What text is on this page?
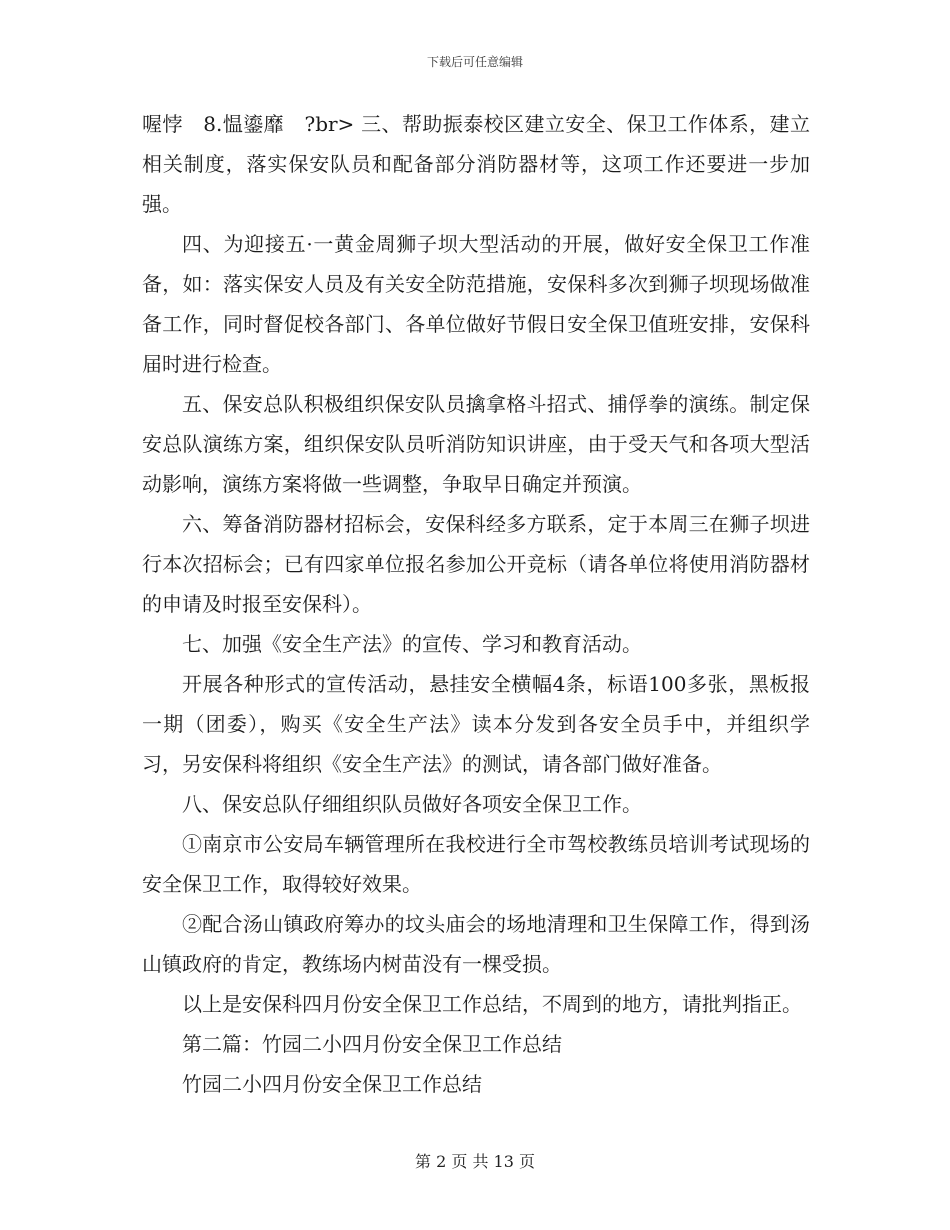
下载后可任意编辑

喔悖　8.愠鎏靡　?br> 三、帮助振泰校区建立安全、保卫工作体系，建立相关制度，落实保安队员和配备部分消防器材等，这项工作还要进一步加强。

四、为迎接五·一黄金周狮子坝大型活动的开展，做好安全保卫工作准备，如：落实保安人员及有关安全防范措施，安保科多次到狮子坝现场做准备工作，同时督促校各部门、各单位做好节假日安全保卫值班安排，安保科届时进行检查。

五、保安总队积极组织保安队员擒拿格斗招式、捕俘拳的演练。制定保安总队演练方案，组织保安队员听消防知识讲座，由于受天气和各项大型活动影响，演练方案将做一些调整，争取早日确定并预演。

六、筹备消防器材招标会，安保科经多方联系，定于本周三在狮子坝进行本次招标会；已有四家单位报名参加公开竞标（请各单位将使用消防器材的申请及时报至安保科）。

七、加强《安全生产法》的宣传、学习和教育活动。

开展各种形式的宣传活动，悬挂安全横幅4条，标语100多张，黑板报一期（团委），购买《安全生产法》读本分发到各安全员手中，并组织学习，另安保科将组织《安全生产法》的测试，请各部门做好准备。

八、保安总队仔细组织队员做好各项安全保卫工作。

①南京市公安局车辆管理所在我校进行全市驾校教练员培训考试现场的安全保卫工作，取得较好效果。

②配合汤山镇政府筹办的坟头庙会的场地清理和卫生保障工作，得到汤山镇政府的肯定，教练场内树苗没有一棵受损。

以上是安保科四月份安全保卫工作总结，不周到的地方，请批判指正。

第二篇：竹园二小四月份安全保卫工作总结

竹园二小四月份安全保卫工作总结

第 2 页 共 13 页
